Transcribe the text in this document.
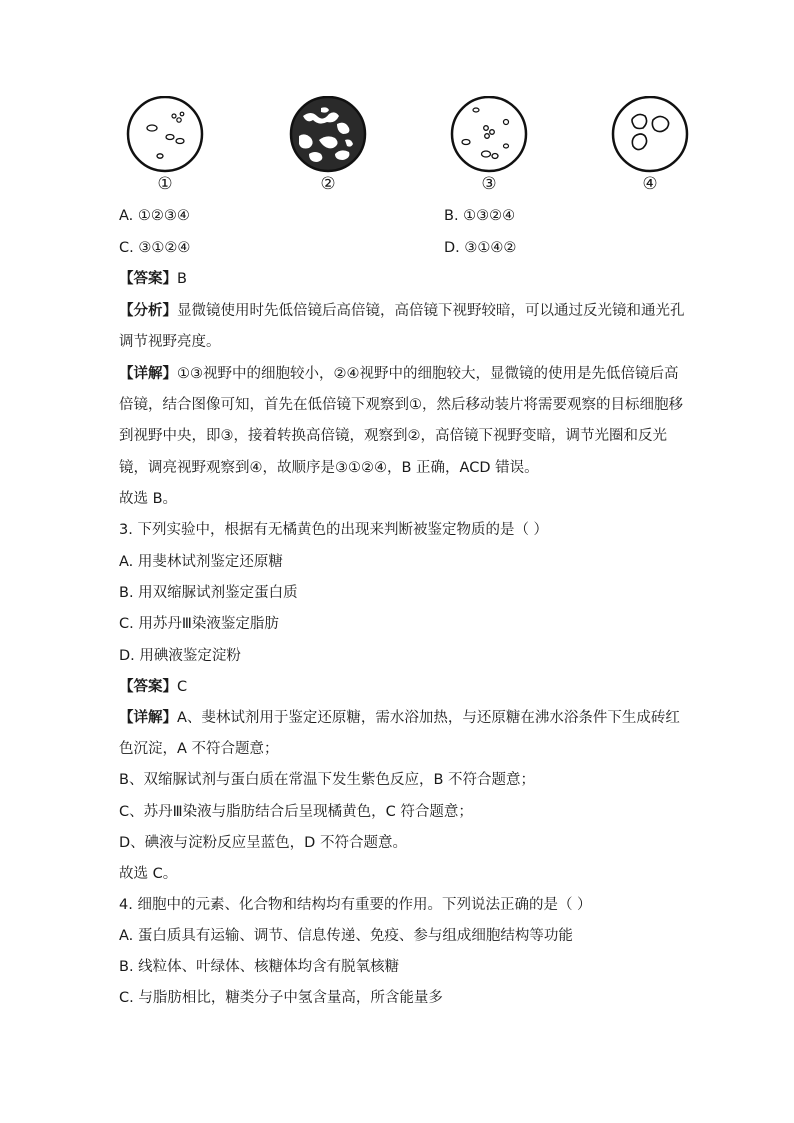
①	②	③	④
A. ①②③④	B. ①③②④
C. ③①②④	D. ③①④②
【答案】B
【分析】显微镜使用时先低倍镜后高倍镜，高倍镜下视野较暗，可以通过反光镜和通光孔
调节视野亮度。
【详解】①③视野中的细胞较小，②④视野中的细胞较大，显微镜的使用是先低倍镜后高
倍镜，结合图像可知，首先在低倍镜下观察到①，然后移动装片将需要观察的目标细胞移
到视野中央，即③，接着转换高倍镜，观察到②，高倍镜下视野变暗，调节光圈和反光
镜，调亮视野观察到④，故顺序是③①②④，B 正确，ACD 错误。
故选 B。
3. 下列实验中，根据有无橘黄色的出现来判断被鉴定物质的是（ ）
A. 用斐林试剂鉴定还原糖
B. 用双缩脲试剂鉴定蛋白质
C. 用苏丹Ⅲ染液鉴定脂肪
D. 用碘液鉴定淀粉
【答案】C
【详解】A、斐林试剂用于鉴定还原糖，需水浴加热，与还原糖在沸水浴条件下生成砖红
色沉淀，A 不符合题意；
B、双缩脲试剂与蛋白质在常温下发生紫色反应，B 不符合题意；
C、苏丹Ⅲ染液与脂肪结合后呈现橘黄色，C 符合题意；
D、碘液与淀粉反应呈蓝色，D 不符合题意。
故选 C。
4. 细胞中的元素、化合物和结构均有重要的作用。下列说法正确的是（ ）
A. 蛋白质具有运输、调节、信息传递、免疫、参与组成细胞结构等功能
B. 线粒体、叶绿体、核糖体均含有脱氧核糖
C. 与脂肪相比，糖类分子中氢含量高，所含能量多
